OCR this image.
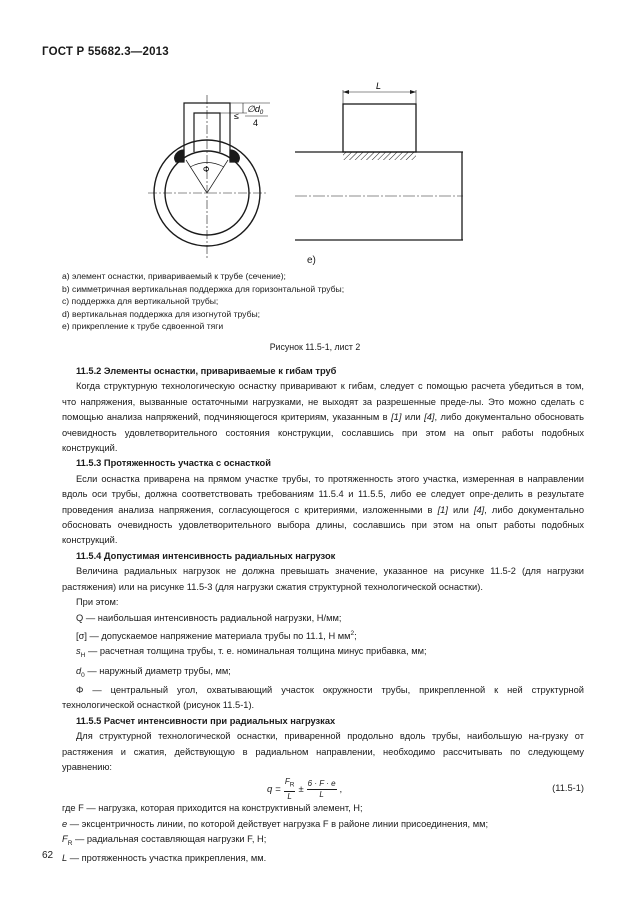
ГОСТ Р 55682.3—2013
≤
$\emptyset d_0$
4
Φ
L
e)
а) элемент оснастки, привариваемый к трубе (сечение);
b) симметричная вертикальная поддержка для горизонтальной трубы;
c) поддержка для вертикальной трубы;
d) вертикальная поддержка для изогнутой трубы;
e) прикрепление к трубе сдвоенной тяги
Рисунок 11.5-1, лист 2

11.5.2 Элементы оснастки, привариваемые к гибам труб

Когда структурную технологическую оснастку приваривают к гибам, следует с помощью расчета убедиться в том, что напряжения, вызванные остаточными нагрузками, не выходят за разрешенные преде-лы. Это можно сделать с помощью анализа напряжений, подчиняющегося критериям, указанным в [1] или [4], либо документально обосновать очевидность удовлетворительного состояния конструкции, сославшись при этом на опыт работы подобных конструкций.

11.5.3 Протяженность участка с оснасткой

Если оснастка приварена на прямом участке трубы, то протяженность этого участка, измеренная в направлении вдоль оси трубы, должна соответствовать требованиям 11.5.4 и 11.5.5, либо ее следует опре-делить в результате проведения анализа напряжения, согласующегося с критериями, изложенными в [1] или [4], либо документально обосновать очевидность удовлетворительного выбора длины, сославшись при этом на опыт работы подобных конструкций.

11.5.4 Допустимая интенсивность радиальных нагрузок

Величина радиальных нагрузок не должна превышать значение, указанное на рисунке 11.5-2 (для нагрузки растяжения) или на рисунке 11.5-3 (для нагрузки сжатия структурной технологической оснастки).

При этом:

Q — наибольшая интенсивность радиальной нагрузки, Н/мм;

[σ] — допускаемое напряжение материала трубы по 11.1, Н $мм^2$;

$s_H$ — расчетная толщина трубы, т. е. номинальная толщина минус прибавка, мм;

$d_0$ — наружный диаметр трубы, мм;

Φ — центральный угол, охватывающий участок окружности трубы, прикрепленной к ней структурной технологической оснасткой (рисунок 11.5-1).

11.5.5 Расчет интенсивности при радиальных нагрузках

Для структурной технологической оснастки, приваренной продольно вдоль трубы, наибольшую на-грузку от растяжения и сжатия, действующую в радиальном направлении, необходимо рассчитывать по следующему уравнению:

$q = \frac{F_R}{L} \pm \frac{6 \cdot F \cdot e}{L}$ ,	(11.5-1)

где F — нагрузка, которая приходится на конструктивный элемент, Н;

e — эксцентричность линии, по которой действует нагрузка F в районе линии присоединения, мм;

$F_R$ — радиальная составляющая нагрузки F, Н;

L — протяженность участка прикрепления, мм.

62
